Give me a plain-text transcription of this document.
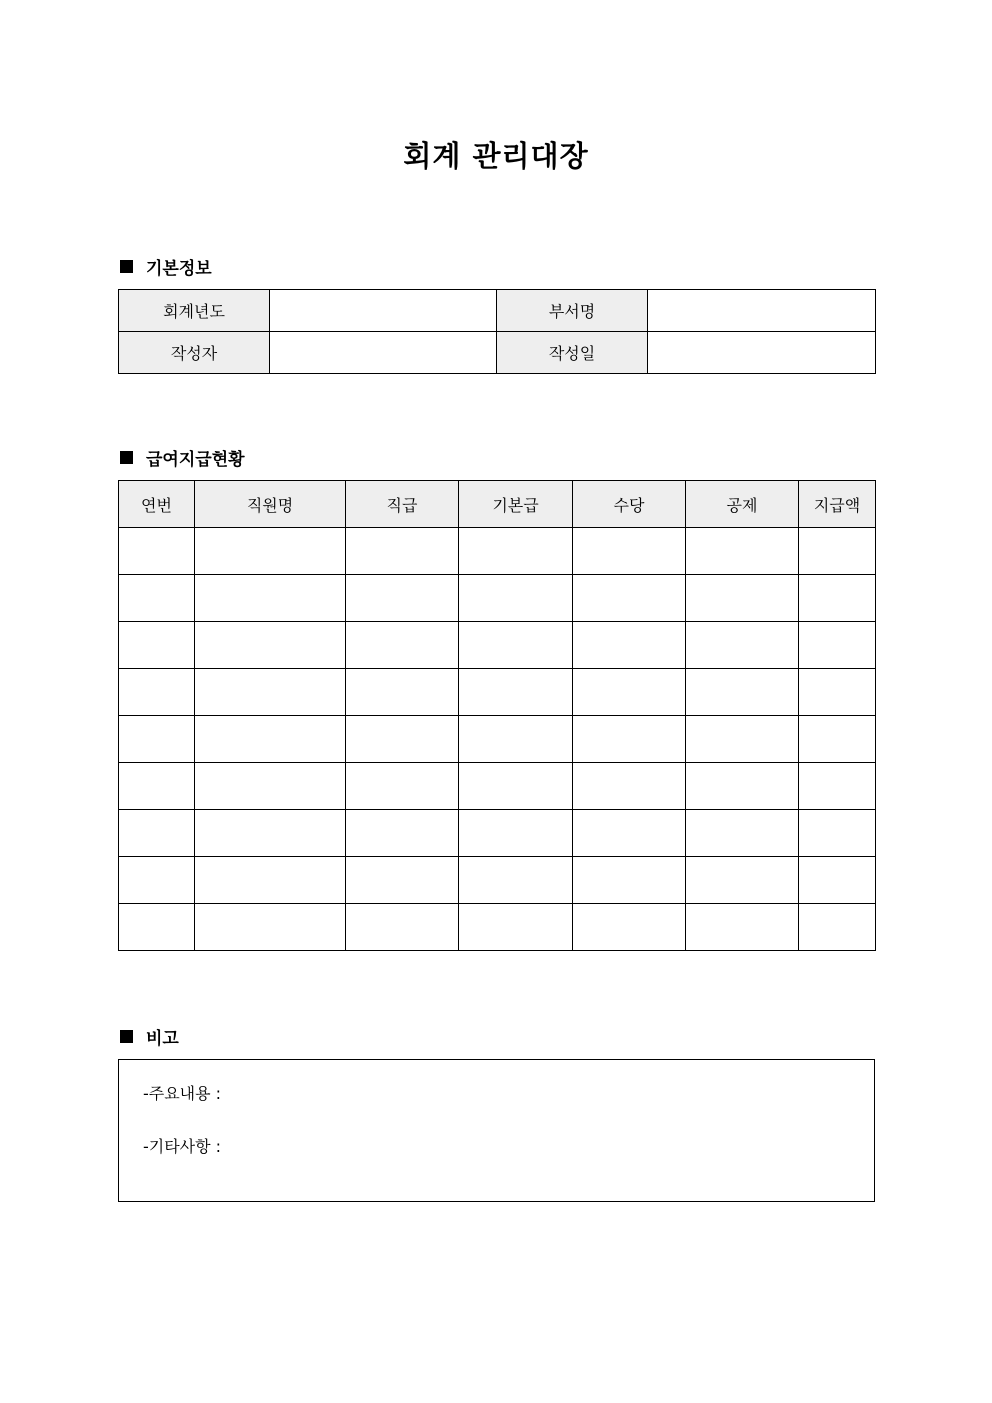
회계 관리대장
기본정보
회계년도		부서명	
작성자		작성일	
급여지급현황
연번	직원명	직급	기본급	수당	공제	지급액

비고
-주요내용 :
-기타사항 :
